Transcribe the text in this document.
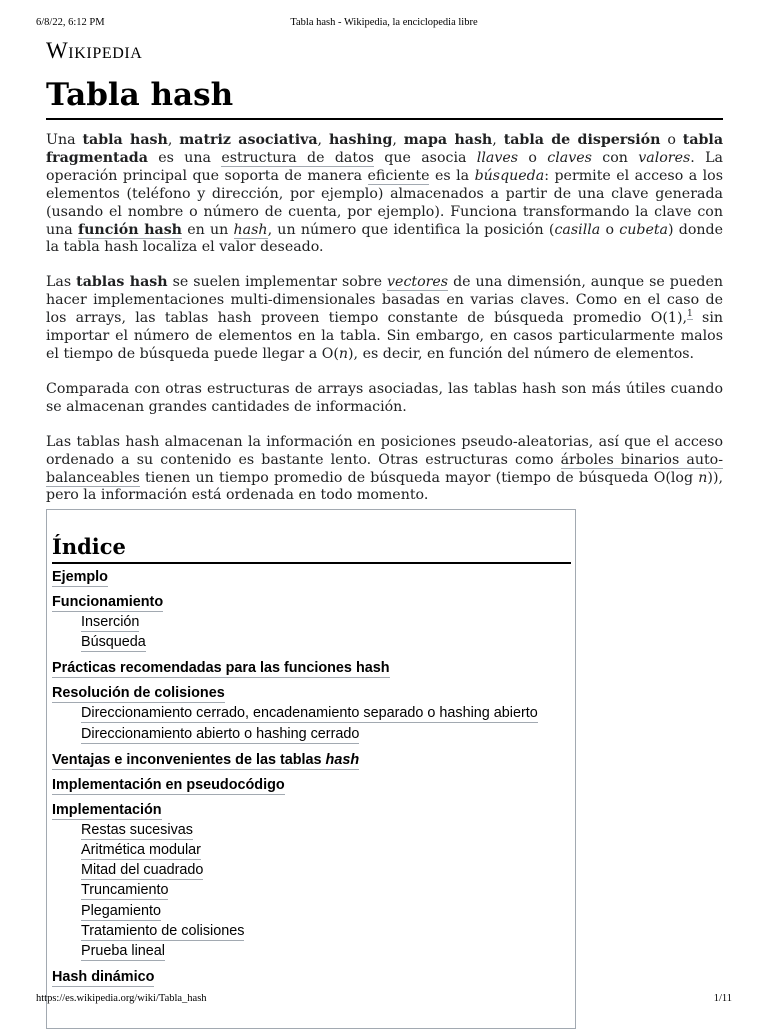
6/8/22, 6:12 PM	Tabla hash - Wikipedia, la enciclopedia libre
Wikipedia
Tabla hash

Una tabla hash, matriz asociativa, hashing, mapa hash, tabla de dispersión o tabla fragmentada es una estructura de datos que asocia llaves o claves con valores. La operación principal que soporta de manera eficiente es la búsqueda: permite el acceso a los elementos (teléfono y dirección, por ejemplo) almacenados a partir de una clave generada (usando el nombre o número de cuenta, por ejemplo). Funciona transformando la clave con una función hash en un hash, un número que identifica la posición (casilla o cubeta) donde la tabla hash localiza el valor deseado.

Las tablas hash se suelen implementar sobre vectores de una dimensión, aunque se pueden hacer implementaciones multi-dimensionales basadas en varias claves. Como en el caso de los arrays, las tablas hash proveen tiempo constante de búsqueda promedio O(1),$^1$ sin importar el número de elementos en la tabla. Sin embargo, en casos particularmente malos el tiempo de búsqueda puede llegar a O(n), es decir, en función del número de elementos.

Comparada con otras estructuras de arrays asociadas, las tablas hash son más útiles cuando se almacenan grandes cantidades de información.

Las tablas hash almacenan la información en posiciones pseudo-aleatorias, así que el acceso ordenado a su contenido es bastante lento. Otras estructuras como árboles binarios auto-balanceables tienen un tiempo promedio de búsqueda mayor (tiempo de búsqueda O(log n)), pero la información está ordenada en todo momento.

Índice
Ejemplo
Funcionamiento
Inserción
Búsqueda
Prácticas recomendadas para las funciones hash
Resolución de colisiones
Direccionamiento cerrado, encadenamiento separado o hashing abierto
Direccionamiento abierto o hashing cerrado
Ventajas e inconvenientes de las tablas hash
Implementación en pseudocódigo
Implementación
Restas sucesivas
Aritmética modular
Mitad del cuadrado
Truncamiento
Plegamiento
Tratamiento de colisiones
Prueba lineal
Hash dinámico
https://es.wikipedia.org/wiki/Tabla_hash	1/11
